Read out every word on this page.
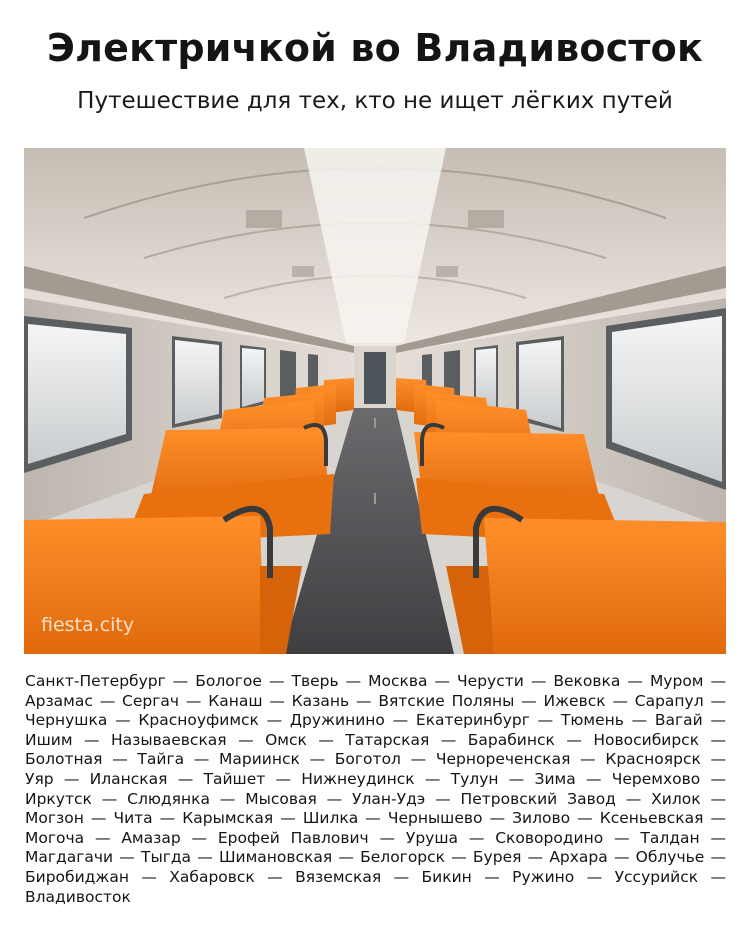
Электричкой во Владивосток
Путешествие для тех, кто не ищет лёгких путей
fiesta.city
Санкт-Петербург — Бологое — Тверь — Москва — Черусти — Вековка — Муром — Арзамас — Сергач — Канаш — Казань — Вятские Поляны — Ижевск — Сарапул — Чернушка — Красноуфимск — Дружинино — Екатеринбург — Тюмень — Вагай — Ишим — Называевская — Омск — Татарская — Барабинск — Новосибирск — Болотная — Тайга — Мариинск — Боготол — Чернореченская — Красноярск — Уяр — Иланская — Тайшет — Нижнеудинск — Тулун — Зима — Черемхово — Иркутск — Слюдянка — Мысовая — Улан-Удэ — Петровский Завод — Хилок — Могзон — Чита — Карымская — Шилка — Чернышево — Зилово — Ксеньевская — Могоча — Амазар — Ерофей Павлович — Уруша — Сковородино — Талдан — Магдагачи — Тыгда — Шимановская — Белогорск — Бурея — Архара — Облучье — Биробиджан — Хабаровск — Вяземская — Бикин — Ружино — Уссурийск — Владивосток
